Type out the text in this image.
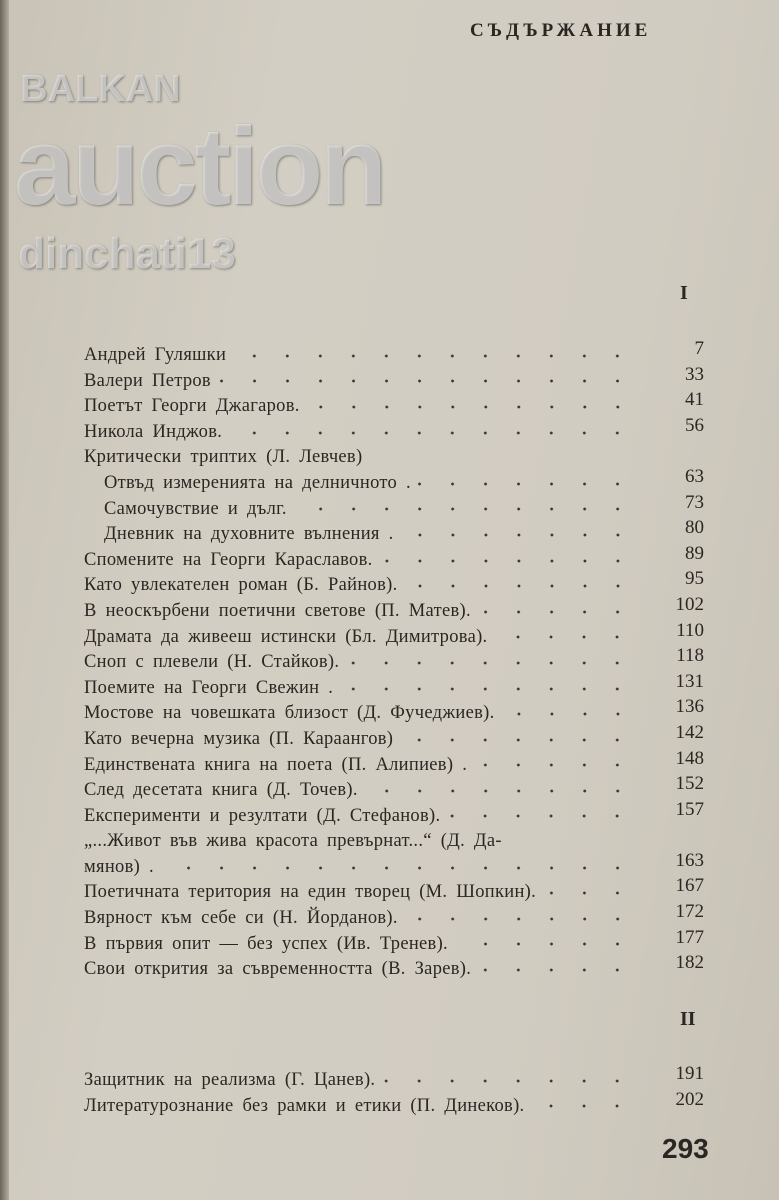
СЪДЪРЖАНИЕ
BALKAN
auction
dinchati13
I
Андрей Гуляшки	7
Валери Петров	33
Поетът Георги Джагаров.	41
Никола Инджов.	56
Критически триптих (Л. Левчев)
Отвъд измеренията на делничното .	63
Самочувствие и дълг.	73
Дневник на духовните вълнения .	80
Спомените на Георги Караславов.	89
Като увлекателен роман (Б. Райнов).	95
В неоскърбени поетични светове (П. Матев).	102
Драмата да живееш истински (Бл. Димитрова).	110
Сноп с плевели (Н. Стайков).	118
Поемите на Георги Свежин .	131
Мостове на човешката близост (Д. Фучеджиев).	136
Като вечерна музика (П. Караангов)	142
Единствената книга на поета (П. Алипиев) .	148
След десетата книга (Д. Точев).	152
Експерименти и резултати (Д. Стефанов).	157
„...Живот във жива красота превърнат...“ (Д. Да-
мянов) .	163
Поетичната територия на един творец (М. Шопкин).	167
Вярност към себе си (Н. Йорданов).	172
В първия опит — без успех (Ив. Тренев).	177
Свои открития за съвременността (В. Зарев).	182
II
Защитник на реализма (Г. Цанев).	191
Литературознание без рамки и етики (П. Динеков).	202
293
